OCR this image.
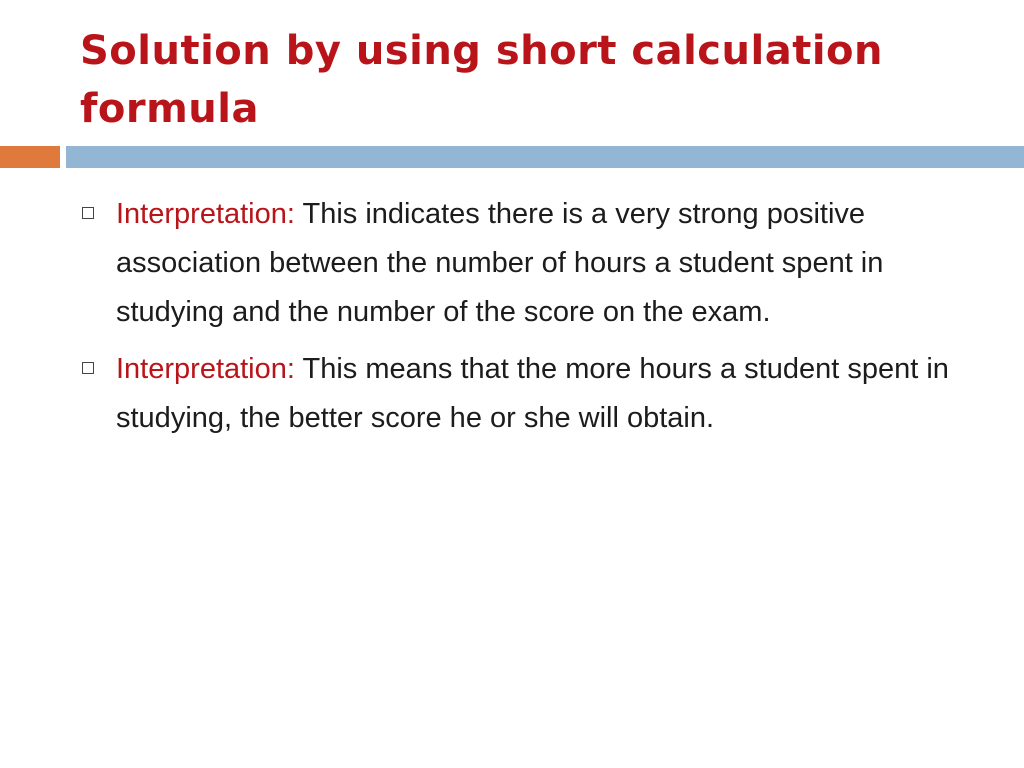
Solution by using short calculation
formula

Interpretation: This indicates there is a very strong positive association between the number of hours a student spent in studying and the number of the score on the exam.

Interpretation: This means that the more hours a student spent in studying, the better score he or she will obtain.
